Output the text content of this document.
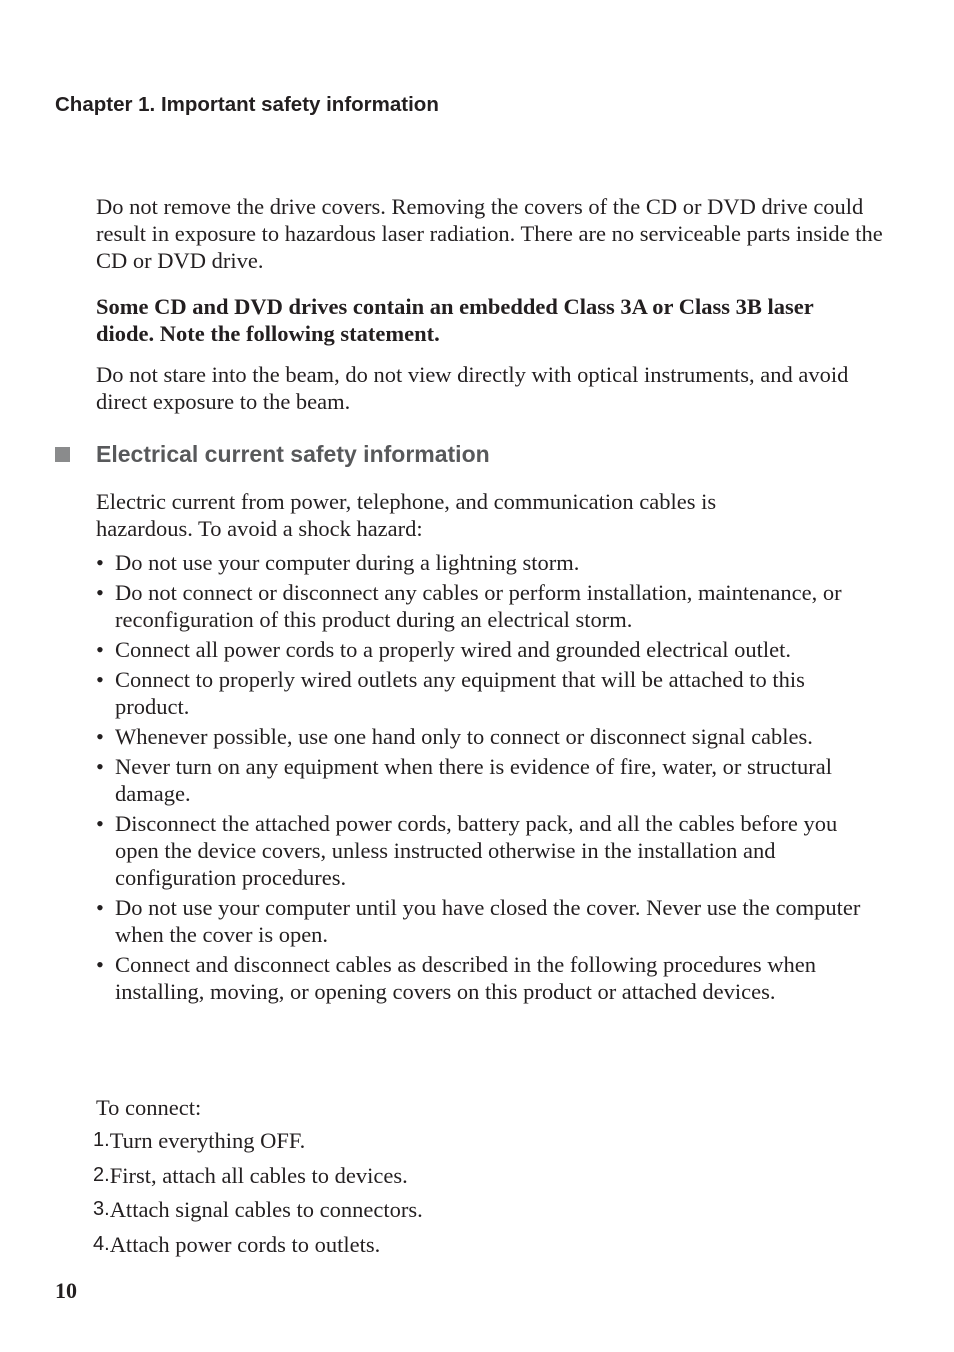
Chapter 1. Important safety information

Do not remove the drive covers. Removing the covers of the CD or DVD drive could result in exposure to hazardous laser radiation. There are no serviceable parts inside the CD or DVD drive.

Some CD and DVD drives contain an embedded Class 3A or Class 3B laser diode. Note the following statement.

Do not stare into the beam, do not view directly with optical instruments, and avoid direct exposure to the beam.

Electrical current safety information

Electric current from power, telephone, and communication cables is hazardous. To avoid a shock hazard:

• Do not use your computer during a lightning storm.
• Do not connect or disconnect any cables or perform installation, maintenance, or reconfiguration of this product during an electrical storm.
• Connect all power cords to a properly wired and grounded electrical outlet.
• Connect to properly wired outlets any equipment that will be attached to this product.
• Whenever possible, use one hand only to connect or disconnect signal cables.
• Never turn on any equipment when there is evidence of fire, water, or structural damage.
• Disconnect the attached power cords, battery pack, and all the cables before you open the device covers, unless instructed otherwise in the installation and configuration procedures.
• Do not use your computer until you have closed the cover. Never use the computer when the cover is open.
• Connect and disconnect cables as described in the following procedures when installing, moving, or opening covers on this product or attached devices.

To connect:

1. Turn everything OFF.
2. First, attach all cables to devices.
3. Attach signal cables to connectors.
4. Attach power cords to outlets.
10
